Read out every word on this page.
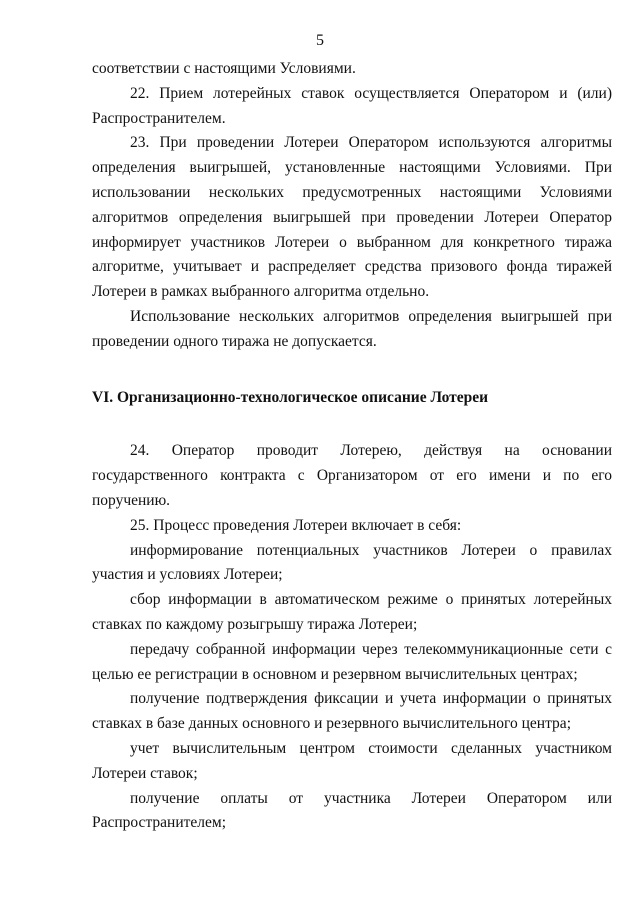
5

соответствии с настоящими Условиями.

22. Прием лотерейных ставок осуществляется Оператором и (или) Распространителем.

23. При проведении Лотереи Оператором используются алгоритмы определения выигрышей, установленные настоящими Условиями. При использовании нескольких предусмотренных настоящими Условиями алгоритмов определения выигрышей при проведении Лотереи Оператор информирует участников Лотереи о выбранном для конкретного тиража алгоритме, учитывает и распределяет средства призового фонда тиражей Лотереи в рамках выбранного алгоритма отдельно.

Использование нескольких алгоритмов определения выигрышей при проведении одного тиража не допускается.

VI. Организационно-технологическое описание Лотереи

24. Оператор проводит Лотерею, действуя на основании государственного контракта с Организатором от его имени и по его поручению.

25. Процесс проведения Лотереи включает в себя:

информирование потенциальных участников Лотереи о правилах участия и условиях Лотереи;

сбор информации в автоматическом режиме о принятых лотерейных ставках по каждому розыгрышу тиража Лотереи;

передачу собранной информации через телекоммуникационные сети с целью ее регистрации в основном и резервном вычислительных центрах;

получение подтверждения фиксации и учета информации о принятых ставках в базе данных основного и резервного вычислительного центра;

учет вычислительным центром стоимости сделанных участником Лотереи ставок;

получение оплаты от участника Лотереи Оператором или Распространителем;
